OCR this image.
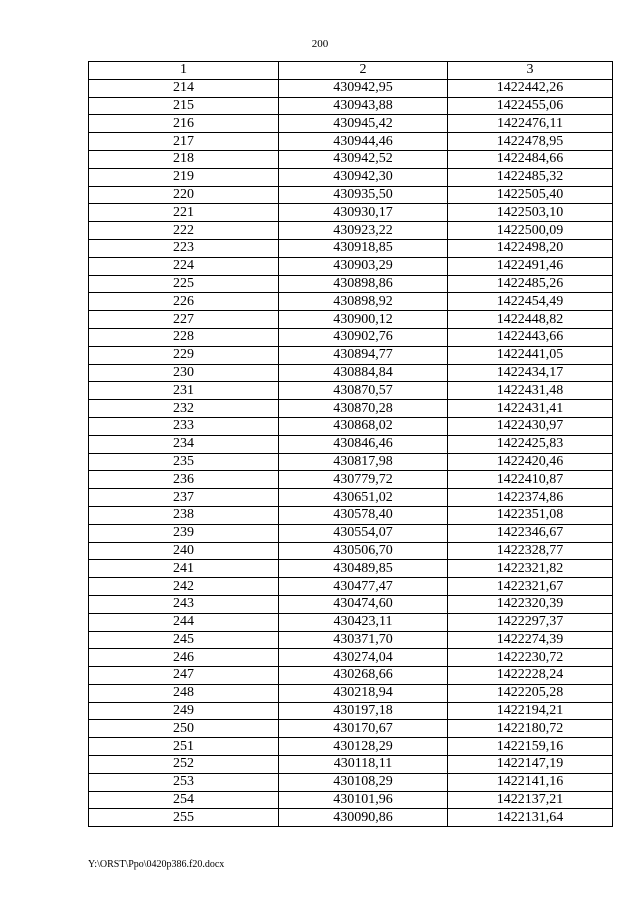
200
1	2	3
214	430942,95	1422442,26
215	430943,88	1422455,06
216	430945,42	1422476,11
217	430944,46	1422478,95
218	430942,52	1422484,66
219	430942,30	1422485,32
220	430935,50	1422505,40
221	430930,17	1422503,10
222	430923,22	1422500,09
223	430918,85	1422498,20
224	430903,29	1422491,46
225	430898,86	1422485,26
226	430898,92	1422454,49
227	430900,12	1422448,82
228	430902,76	1422443,66
229	430894,77	1422441,05
230	430884,84	1422434,17
231	430870,57	1422431,48
232	430870,28	1422431,41
233	430868,02	1422430,97
234	430846,46	1422425,83
235	430817,98	1422420,46
236	430779,72	1422410,87
237	430651,02	1422374,86
238	430578,40	1422351,08
239	430554,07	1422346,67
240	430506,70	1422328,77
241	430489,85	1422321,82
242	430477,47	1422321,67
243	430474,60	1422320,39
244	430423,11	1422297,37
245	430371,70	1422274,39
246	430274,04	1422230,72
247	430268,66	1422228,24
248	430218,94	1422205,28
249	430197,18	1422194,21
250	430170,67	1422180,72
251	430128,29	1422159,16
252	430118,11	1422147,19
253	430108,29	1422141,16
254	430101,96	1422137,21
255	430090,86	1422131,64
Y:\ORST\Ppo\0420p386.f20.docx
